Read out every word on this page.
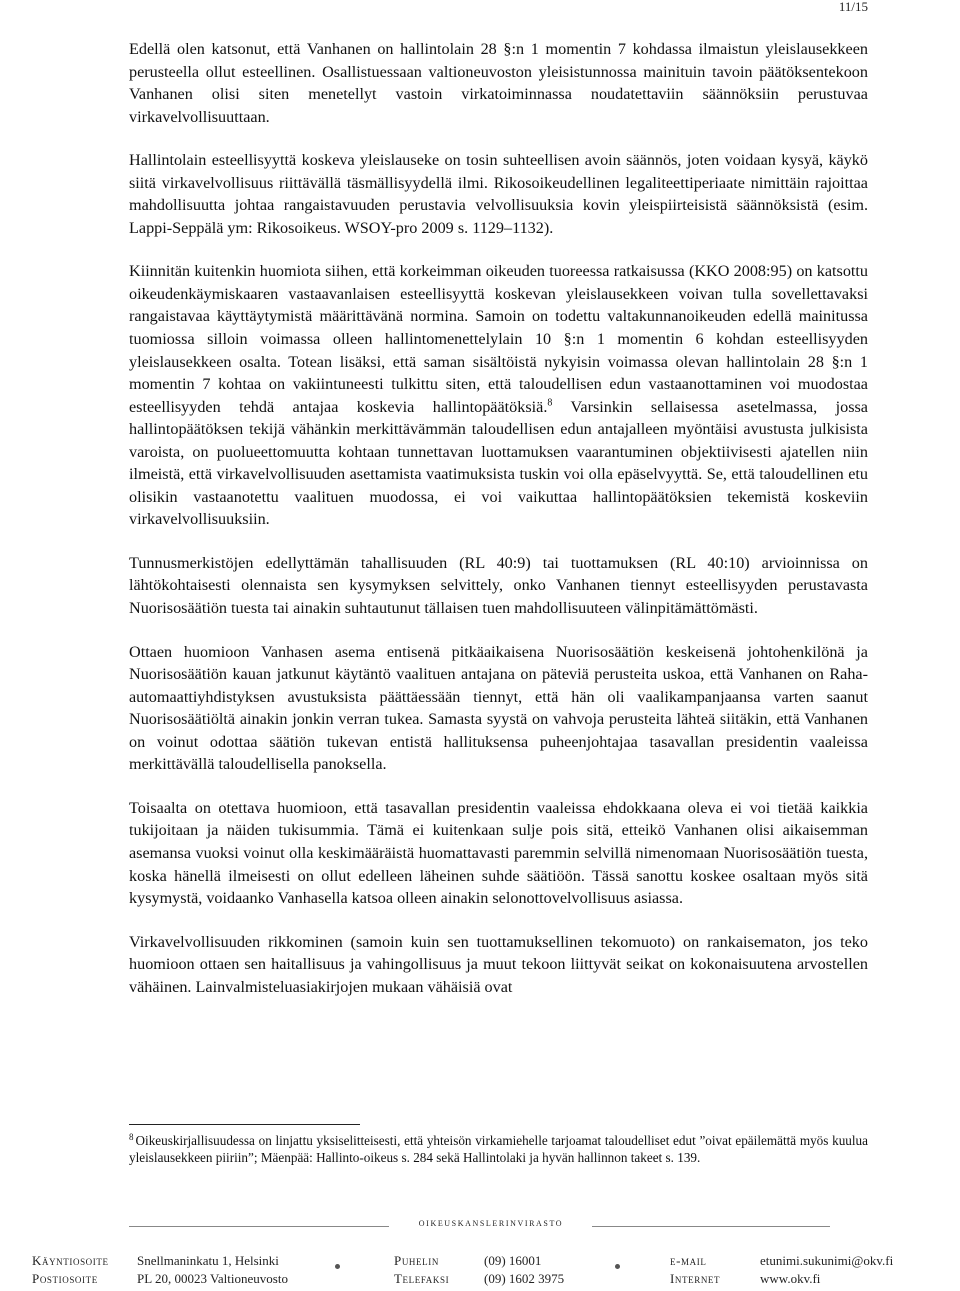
11/15

Edellä olen katsonut, että Vanhanen on hallintolain 28 §:n 1 momentin 7 kohdassa ilmaistun yleislausekkeen perusteella ollut esteellinen. Osallistuessaan valtioneuvoston yleisistunnossa mainituin tavoin päätöksentekoon Vanhanen olisi siten menetellyt vastoin virkatoiminnassa noudatettaviin säännöksiin perustuvaa virkavelvollisuuttaan.

Hallintolain esteellisyyttä koskeva yleislauseke on tosin suhteellisen avoin säännös, joten voidaan kysyä, käykö siitä virkavelvollisuus riittävällä täsmällisyydellä ilmi. Rikosoikeudellinen legaliteettiperiaate nimittäin rajoittaa mahdollisuutta johtaa rangaistavuuden perustavia velvollisuuksia kovin yleispiirteisistä säännöksistä (esim. Lappi-Seppälä ym: Rikosoikeus. WSOY-pro 2009 s. 1129–1132).

Kiinnitän kuitenkin huomiota siihen, että korkeimman oikeuden tuoreessa ratkaisussa (KKO 2008:95) on katsottu oikeudenkäymiskaaren vastaavanlaisen esteellisyyttä koskevan yleislausekkeen voivan tulla sovellettavaksi rangaistavaa käyttäytymistä määrittävänä normina. Samoin on todettu valtakunnanoikeuden edellä mainitussa tuomiossa silloin voimassa olleen hallintomenettelylain 10 §:n 1 momentin 6 kohdan esteellisyyden yleislausekkeen osalta. Totean lisäksi, että saman sisältöistä nykyisin voimassa olevan hallintolain 28 §:n 1 momentin 7 kohtaa on vakiintuneesti tulkittu siten, että taloudellisen edun vastaanottaminen voi muodostaa esteellisyyden tehdä antajaa koskevia hallintopäätöksiä.$^8$ Varsinkin sellaisessa asetelmassa, jossa hallintopäätöksen tekijä vähänkin merkittävämmän taloudellisen edun antajalleen myöntäisi avustusta julkisista varoista, on puolueettomuutta kohtaan tunnettavan luottamuksen vaarantuminen objektiivisesti ajatellen niin ilmeistä, että virkavelvollisuuden asettamista vaatimuksista tuskin voi olla epäselvyyttä. Se, että taloudellinen etu olisikin vastaanotettu vaalituen muodossa, ei voi vaikuttaa hallintopäätöksien tekemistä koskeviin virkavelvollisuuksiin.

Tunnusmerkistöjen edellyttämän tahallisuuden (RL 40:9) tai tuottamuksen (RL 40:10) arvioinnissa on lähtökohtaisesti olennaista sen kysymyksen selvittely, onko Vanhanen tiennyt esteellisyyden perustavasta Nuorisosäätiön tuesta tai ainakin suhtautunut tällaisen tuen mahdollisuuteen välinpitämättömästi.

Ottaen huomioon Vanhasen asema entisenä pitkäaikaisena Nuorisosäätiön keskeisenä johtohenkilönä ja Nuorisosäätiön kauan jatkunut käytäntö vaalituen antajana on päteviä perusteita uskoa, että Vanhanen on Raha-automaattiyhdistyksen avustuksista päättäessään tiennyt, että hän oli vaalikampanjaansa varten saanut Nuorisosäätiöltä ainakin jonkin verran tukea. Samasta syystä on vahvoja perusteita lähteä siitäkin, että Vanhanen on voinut odottaa säätiön tukevan entistä hallituksensa puheenjohtajaa tasavallan presidentin vaaleissa merkittävällä taloudellisella panoksella.

Toisaalta on otettava huomioon, että tasavallan presidentin vaaleissa ehdokkaana oleva ei voi tietää kaikkia tukijoitaan ja näiden tukisummia. Tämä ei kuitenkaan sulje pois sitä, etteikö Vanhanen olisi aikaisemman asemansa vuoksi voinut olla keskimääräistä huomattavasti paremmin selvillä nimenomaan Nuorisosäätiön tuesta, koska hänellä ilmeisesti on ollut edelleen läheinen suhde säätiöön. Tässä sanottu koskee osaltaan myös sitä kysymystä, voidaanko Vanhasella katsoa olleen ainakin selonottovelvollisuus asiassa.

Virkavelvollisuuden rikkominen (samoin kuin sen tuottamuksellinen tekomuoto) on rankaisematon, jos teko huomioon ottaen sen haitallisuus ja vahingollisuus ja muut tekoon liittyvät seikat on kokonaisuutena arvostellen vähäinen. Lainvalmisteluasiakirjojen mukaan vähäisiä ovat

$^8$ Oikeuskirjallisuudessa on linjattu yksiselitteisesti, että yhteisön virkamiehelle tarjoamat taloudelliset edut ”oivat epäilemättä myös kuulua yleislausekkeen piiriin”; Mäenpää: Hallinto-oikeus s. 284 sekä Hallintolaki ja hyvän hallinnon takeet s. 139.

oikeuskanslerinvirasto
Käyntiosoite Snellmaninkatu 1, Helsinki	Puhelin	(09) 16001	e-mail	etunimi.sukunimi@okv.fi
Postiosoite	PL 20, 00023 Valtioneuvosto	Telefaksi	(09) 1602 3975	Internet	www.okv.fi
